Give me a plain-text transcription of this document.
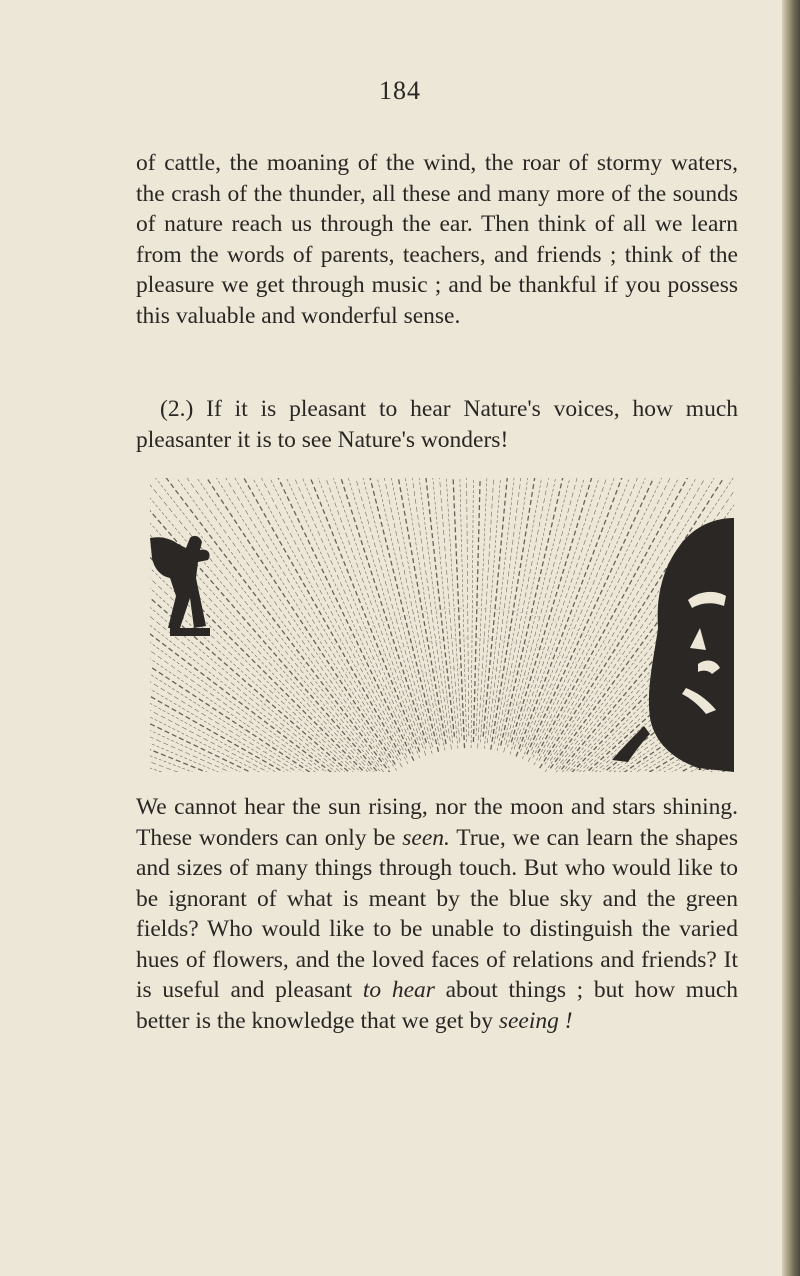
184

of cattle, the moaning of the wind, the roar of stormy waters, the crash of the thunder, all these and many more of the sounds of nature reach us through the ear. Then think of all we learn from the words of parents, teachers, and friends ; think of the pleasure we get through music ; and be thankful if you possess this valuable and wonderful sense.

(2.) If it is pleasant to hear Nature's voices, how much pleasanter it is to see Nature's wonders!

Forn

We cannot hear the sun rising, nor the moon and stars shining. These wonders can only be seen. True, we can learn the shapes and sizes of many things through touch. But who would like to be ignorant of what is meant by the blue sky and the green fields? Who would like to be unable to distinguish the varied hues of flowers, and the loved faces of relations and friends? It is useful and pleasant to hear about things ; but how much better is the knowledge that we get by seeing !
